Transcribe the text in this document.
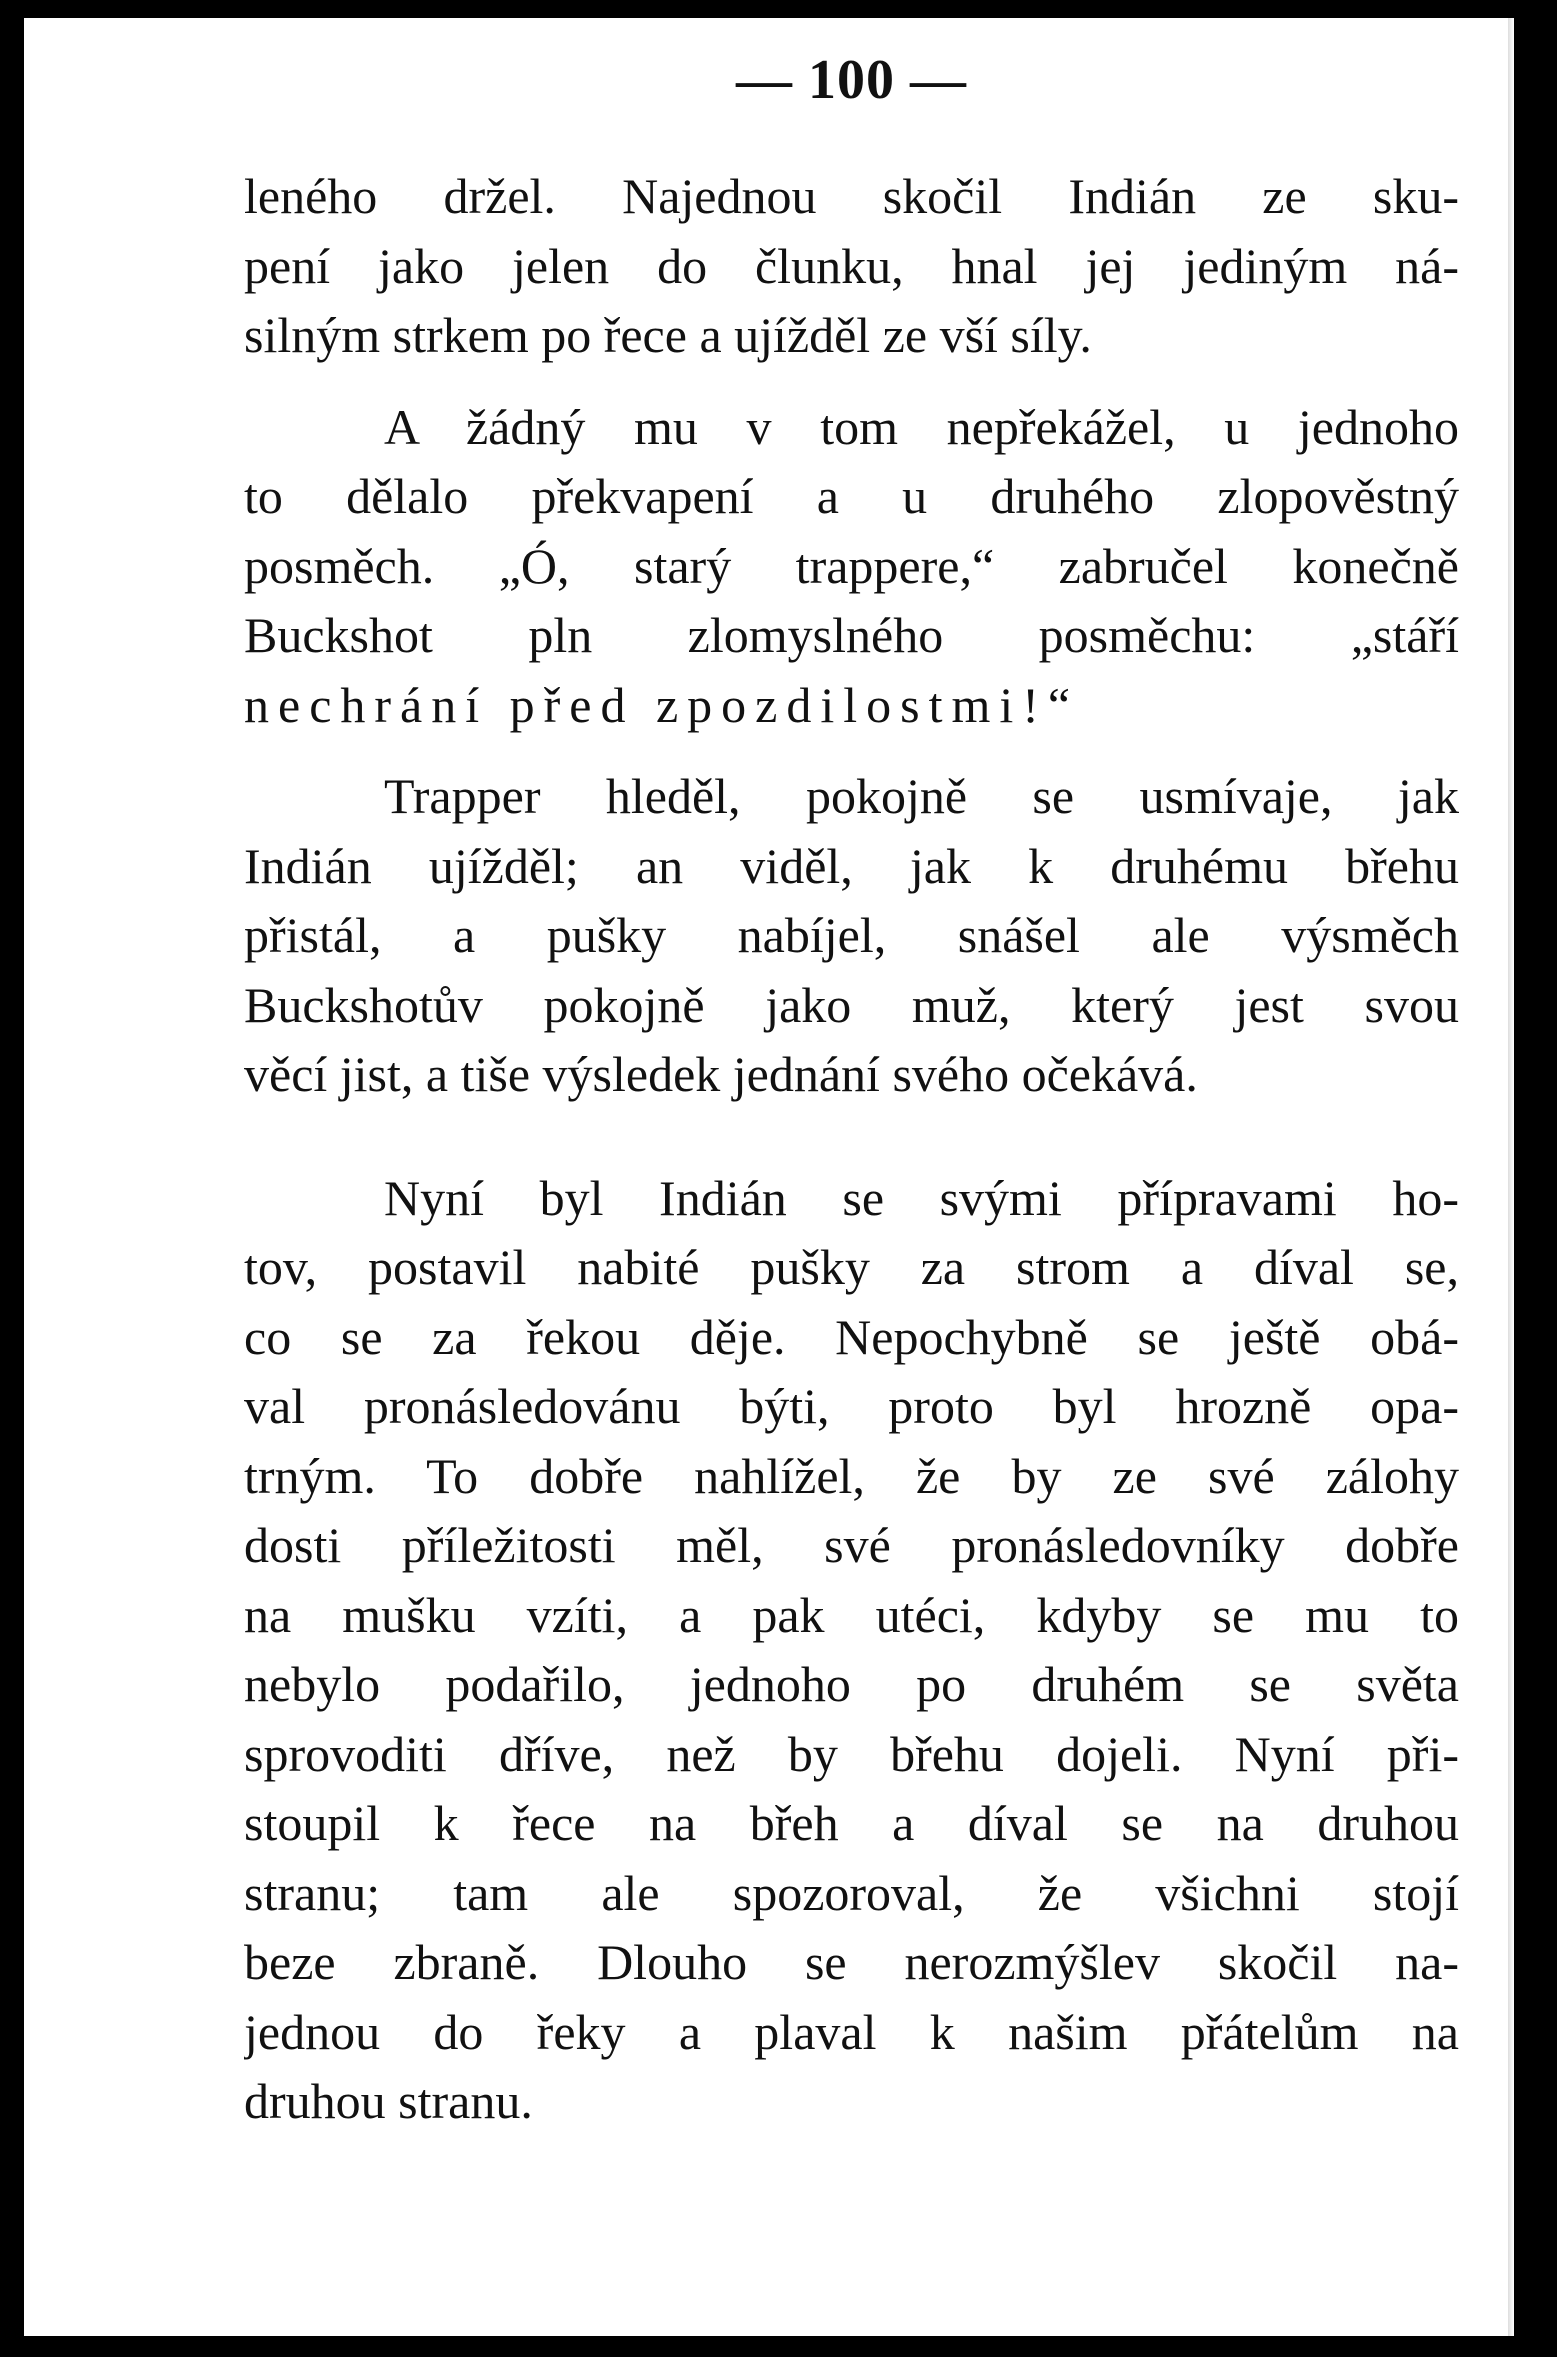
— 100 —
leného držel. Najednou skočil Indián ze sku-
pení jako jelen do člunku, hnal jej jediným ná-
silným strkem po řece a ujížděl ze vší síly.
A žádný mu v tom nepřekážel, u jednoho
to dělalo překvapení a u druhého zlopověstný
posměch. „Ó, starý trappere,“ zabručel konečně
Buckshot pln zlomyslného posměchu: „stáří
nechrání před zpozdilostmi!“
Trapper hleděl, pokojně se usmívaje, jak
Indián ujížděl; an viděl, jak k druhému břehu
přistál, a pušky nabíjel, snášel ale výsměch
Buckshotův pokojně jako muž, který jest svou
věcí jist, a tiše výsledek jednání svého očekává.
Nyní byl Indián se svými přípravami ho-
tov, postavil nabité pušky za strom a díval se,
co se za řekou děje. Nepochybně se ještě obá-
val pronásledovánu býti, proto byl hrozně opa-
trným. To dobře nahlížel, že by ze své zálohy
dosti příležitosti měl, své pronásledovníky dobře
na mušku vzíti, a pak utéci, kdyby se mu to
nebylo podařilo, jednoho po druhém se světa
sprovoditi dříve, než by břehu dojeli. Nyní při-
stoupil k řece na břeh a díval se na druhou
stranu; tam ale spozoroval, že všichni stojí
beze zbraně. Dlouho se nerozmýšlev skočil na-
jednou do řeky a plaval k našim přátelům na
druhou stranu.
